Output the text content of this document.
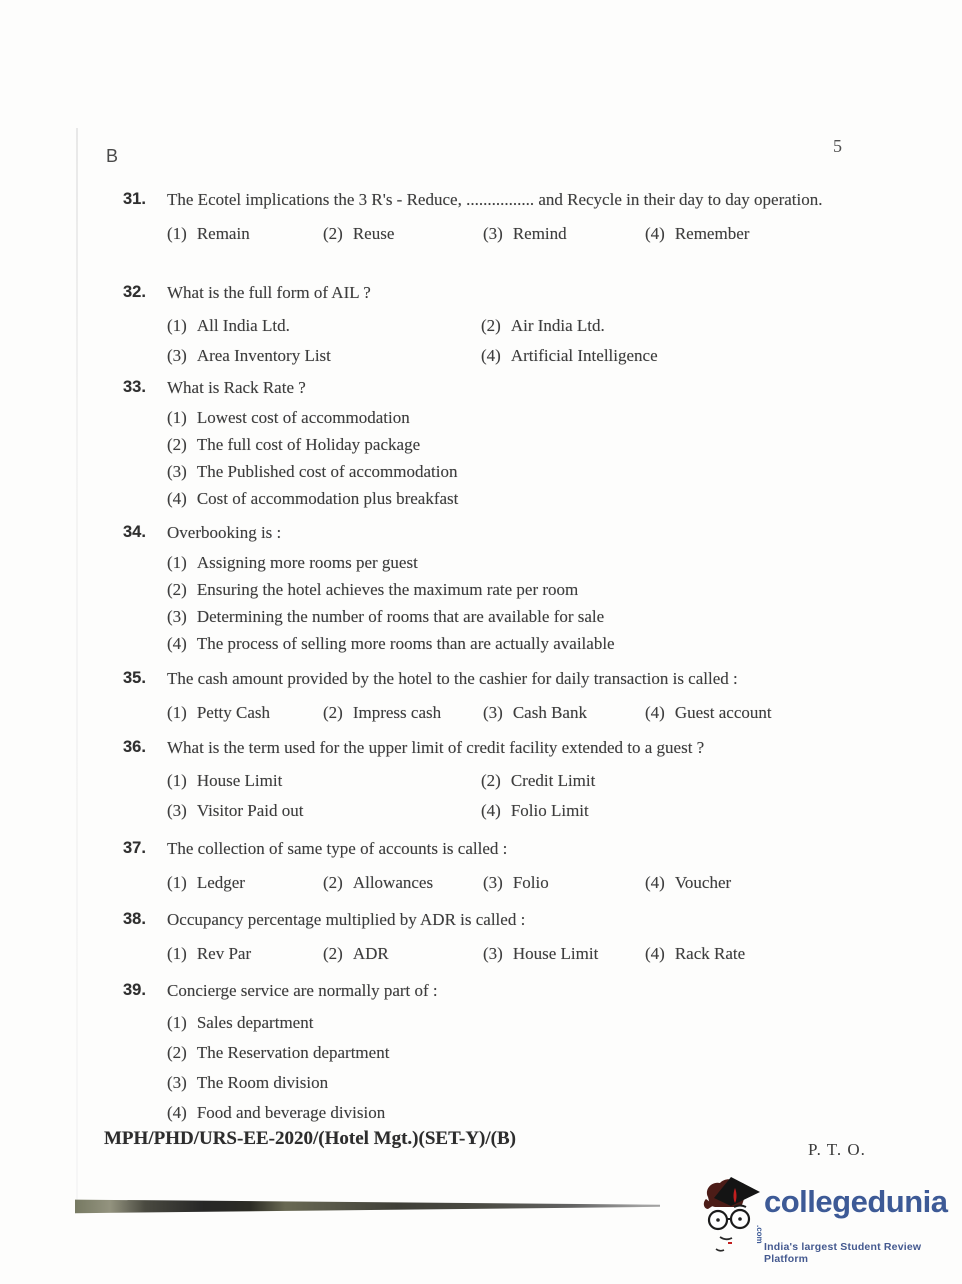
B	5
31.	The Ecotel implications the 3 R's - Reduce, ................ and Recycle in their day to day operation.
(1) Remain	(2) Reuse	(3) Remind	(4) Remember
32.	What is the full form of AIL ?
(1) All India Ltd.	(2) Air India Ltd.
(3) Area Inventory List	(4) Artificial Intelligence
33.	What is Rack Rate ?
(1) Lowest cost of accommodation
(2) The full cost of Holiday package
(3) The Published cost of accommodation
(4) Cost of accommodation plus breakfast
34.	Overbooking is :
(1) Assigning more rooms per guest
(2) Ensuring the hotel achieves the maximum rate per room
(3) Determining the number of rooms that are available for sale
(4) The process of selling more rooms than are actually available
35.	The cash amount provided by the hotel to the cashier for daily transaction is called :
(1) Petty Cash	(2) Impress cash	(3) Cash Bank	(4) Guest account
36.	What is the term used for the upper limit of credit facility extended to a guest ?
(1) House Limit	(2) Credit Limit
(3) Visitor Paid out	(4) Folio Limit
37.	The collection of same type of accounts is called :
(1) Ledger	(2) Allowances	(3) Folio	(4) Voucher
38.	Occupancy percentage multiplied by ADR is called :
(1) Rev Par	(2) ADR	(3) House Limit	(4) Rack Rate
39.	Concierge service are normally part of :
(1) Sales department
(2) The Reservation department
(3) The Room division
(4) Food and beverage division
MPH/PHD/URS-EE-2020/(Hotel Mgt.)(SET-Y)/(B)
P. T. O.
collegedunia.com
India's largest Student Review Platform
